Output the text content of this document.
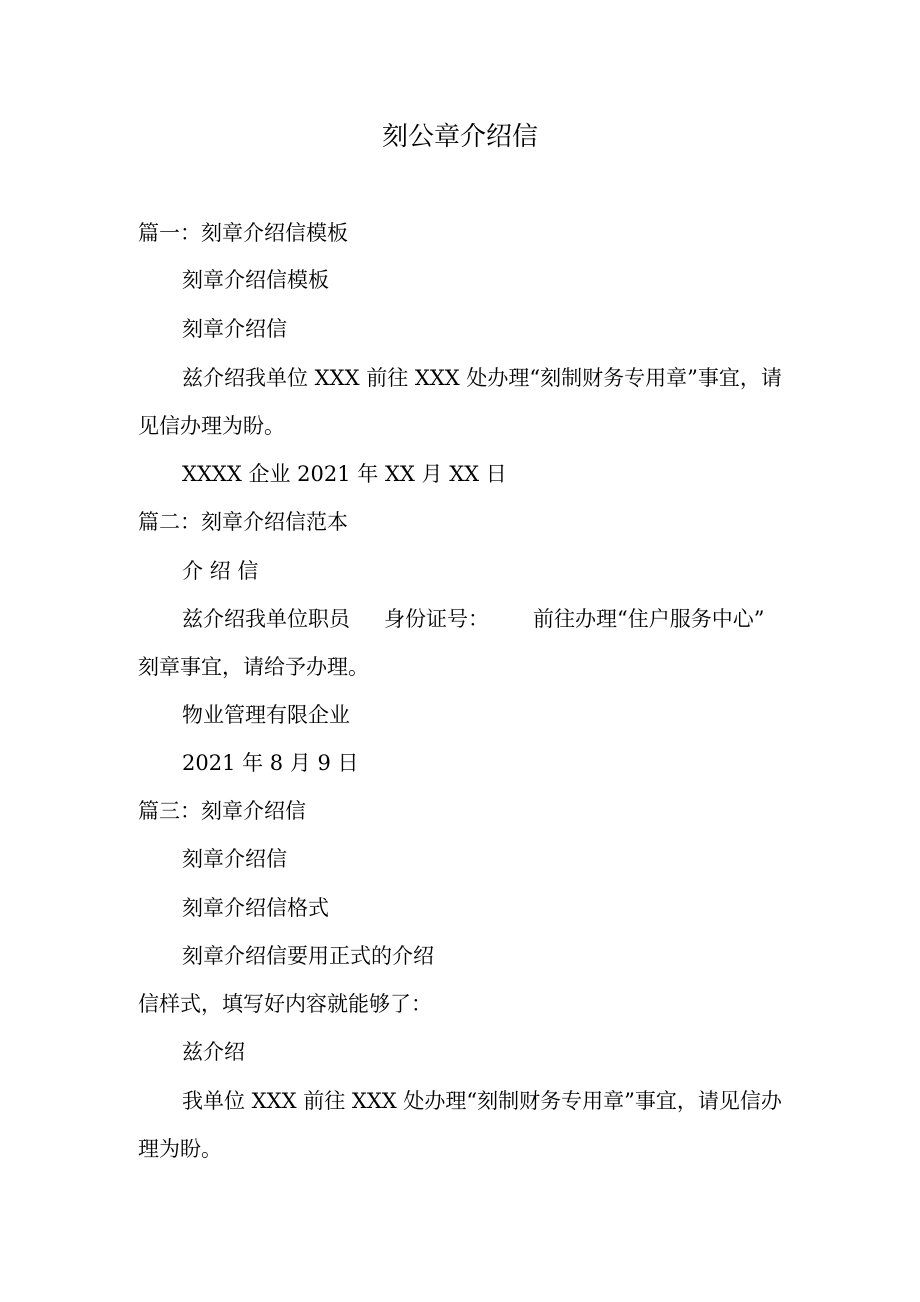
刻公章介绍信
篇一：刻章介绍信模板
刻章介绍信模板
刻章介绍信
兹介绍我单位 XXX 前往 XXX 处办理“刻制财务专用章”事宜，请
见信办理为盼。
XXXX 企业 2021 年 XX 月 XX 日
篇二：刻章介绍信范本
介 绍 信
兹介绍我单位职员 身份证号： 前往办理“住户服务中心”
刻章事宜，请给予办理。
物业管理有限企业
2021 年 8 月 9 日
篇三：刻章介绍信
刻章介绍信
刻章介绍信格式
刻章介绍信要用正式的介绍
信样式，填写好内容就能够了：
兹介绍
我单位 XXX 前往 XXX 处办理“刻制财务专用章”事宜，请见信办
理为盼。
